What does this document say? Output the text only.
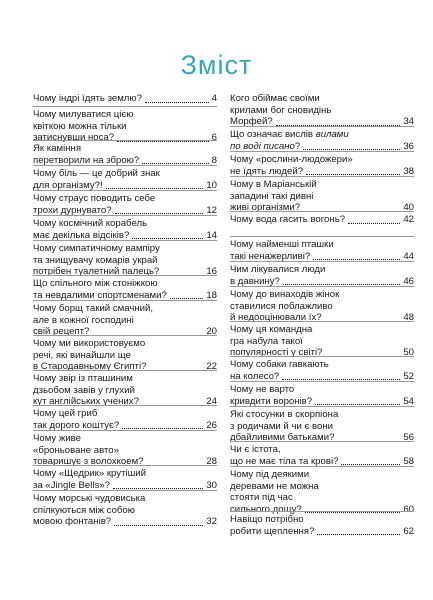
Зміст
Чому індрі їдять землю?	4
Чому милуватися цією
квіткою можна тільки
затиснувши носа?	6
Як каміння
перетворили на зброю?	8
Чому біль — це добрий знак
для організму?!	10
Чому страус поводить себе
трохи дурнувато?	12
Чому космічний корабель
має декілька відсіків?	14
Чому симпатичному вампіру
та знищувачу комарів украй
потрібен туалетний палець?	16
Що спільного між стоніжкою
та невдалими спортсменами?	18
Чому борщ такий смачний,
але в кожної господині
свій рецепт?	20
Чому ми використовуємо
речі, які винайшли ще
в Стародавньому Єгипті?	22
Чому звір із пташиним
дзьобом завів у глухий
кут англійських учених?	24
Чому цей гриб
так дорого коштує?	26
Чому живе
«броньоване авто»
товаришує з волохкоем?	28
Чому «Щедрик» крутіший
за «Jingle Bells»?	30
Чому морські чудовиська
спілкуються між собою
мовою фонтанів?	32
Кого обіймає своїми
крилами бог сновидінь
Морфей?	34
Що означає вислів вилами
по воді писано?	36
Чому «рослини-людожери»
не їдять людей?	38
Чому в Маріанській
западині такі дивні
живі організми?	40
Чому вода гасить вогонь?	42
Чому найменші пташки
такі ненажерливі?	44
Чим лікувалися люди
в давнину?	46
Чому до винаходів жінок
ставилися поблажливо
й недооцінювали їх?	48
Чому ця командна
гра набула такої
популярності у світі?	50
Чому собаки гавкають
на колесо?	52
Чому не варто
кривдити воронів?	54
Які стосунки в скорпіона
з родичами й чи є вони
дбайливими батьками?	56
Чи є істота,
що не має тіла та крові?	58
Чому під деякими
деревами не можна
стояти під час
сильного дощу?	60
Навіщо потрібно
робити щеплення?	62
